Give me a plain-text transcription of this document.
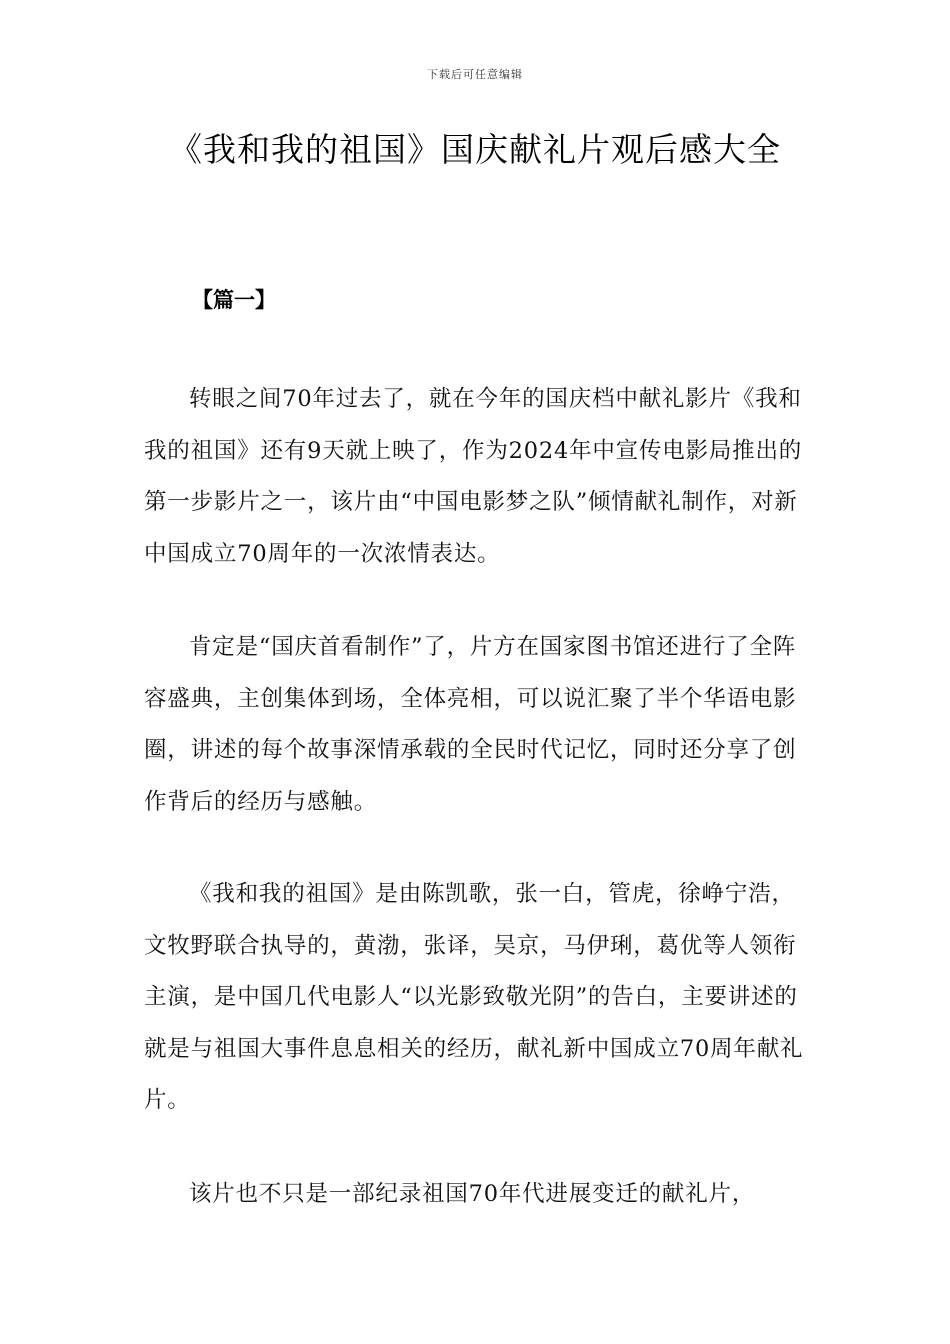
下载后可任意编辑
《我和我的祖国》国庆献礼片观后感大全
【篇一】

转眼之间70年过去了，就在今年的国庆档中献礼影片《我和我的祖国》还有9天就上映了，作为2024年中宣传电影局推出的第一步影片之一，该片由“中国电影梦之队”倾情献礼制作，对新中国成立70周年的一次浓情表达。

肯定是“国庆首看制作”了，片方在国家图书馆还进行了全阵容盛典，主创集体到场，全体亮相，可以说汇聚了半个华语电影圈，讲述的每个故事深情承载的全民时代记忆，同时还分享了创作背后的经历与感触。

《我和我的祖国》是由陈凯歌，张一白，管虎，徐峥宁浩，文牧野联合执导的，黄渤，张译，吴京，马伊琍，葛优等人领衔主演，是中国几代电影人“以光影致敬光阴”的告白，主要讲述的就是与祖国大事件息息相关的经历，献礼新中国成立70周年献礼片。

该片也不只是一部纪录祖国70年代进展变迁的献礼片，
